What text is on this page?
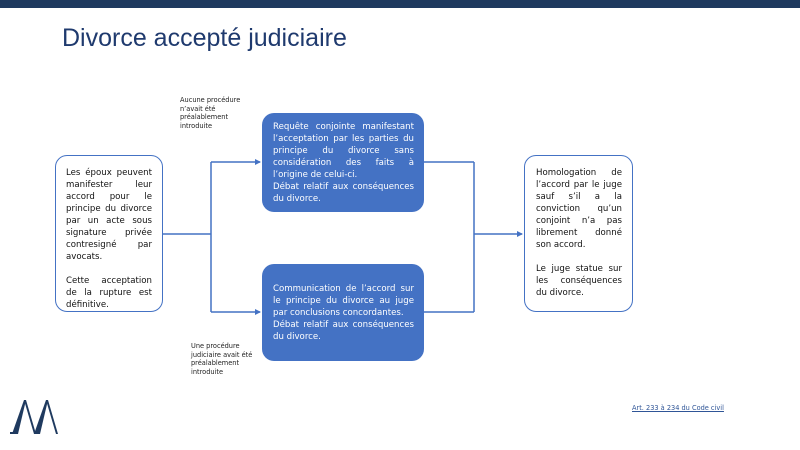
Divorce accepté judiciaire

Les époux peuvent manifester leur accord pour le principe du divorce par un acte sous signature privée contresigné par avocats.

Cette acceptation de la rupture est définitive.

Requête conjointe manifestant l’acceptation par les parties du principe du divorce sans considération des faits à l’origine de celui-ci.

Débat relatif aux conséquences du divorce.

Communication de l’accord sur le principe du divorce au juge par conclusions concordantes.

Débat relatif aux conséquences du divorce.

Homologation de l’accord par le juge sauf s’il a la conviction qu’un conjoint n’a pas librement donné son accord.

Le juge statue sur les conséquences du divorce.

Aucune procédure
n’avait été
préalablement
introduite
Une procédure
judiciaire avait été
préalablement
introduite
Art. 233 à 234 du Code civil
